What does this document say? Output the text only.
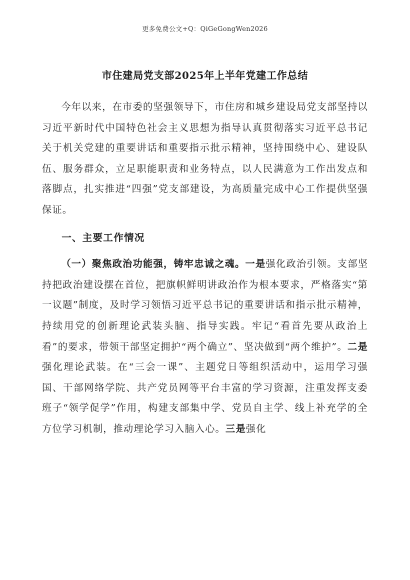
更多免费公文+Q：QiGeGongWen2026
市住建局党支部2025年上半年党建工作总结

今年以来，在市委的坚强领导下，市住房和城乡建设局党支部坚持以习近平新时代中国特色社会主义思想为指导认真贯彻落实习近平总书记关于机关党建的重要讲话和重要指示批示精神，坚持围绕中心、建设队伍、服务群众，立足职能职责和业务特点，以人民满意为工作出发点和落脚点，扎实推进“四强”党支部建设，为高质量完成中心工作提供坚强保证。

一、主要工作情况

（一）聚焦政治功能强，铸牢忠诚之魂。一是强化政治引领。支部坚持把政治建设摆在首位，把旗帜鲜明讲政治作为根本要求，严格落实“第一议题”制度，及时学习领悟习近平总书记的重要讲话和指示批示精神，持续用党的创新理论武装头脑、指导实践。牢记“看首先要从政治上看”的要求，带领干部坚定拥护“两个确立”、坚决做到“两个维护”。二是强化理论武装。在“三会一课”、主题党日等组织活动中，运用学习强国、干部网络学院、共产党员网等平台丰富的学习资源，注重发挥支委班子“领学促学”作用，构建支部集中学、党员自主学、线上补充学的全方位学习机制，推动理论学习入脑入心。三是强化
